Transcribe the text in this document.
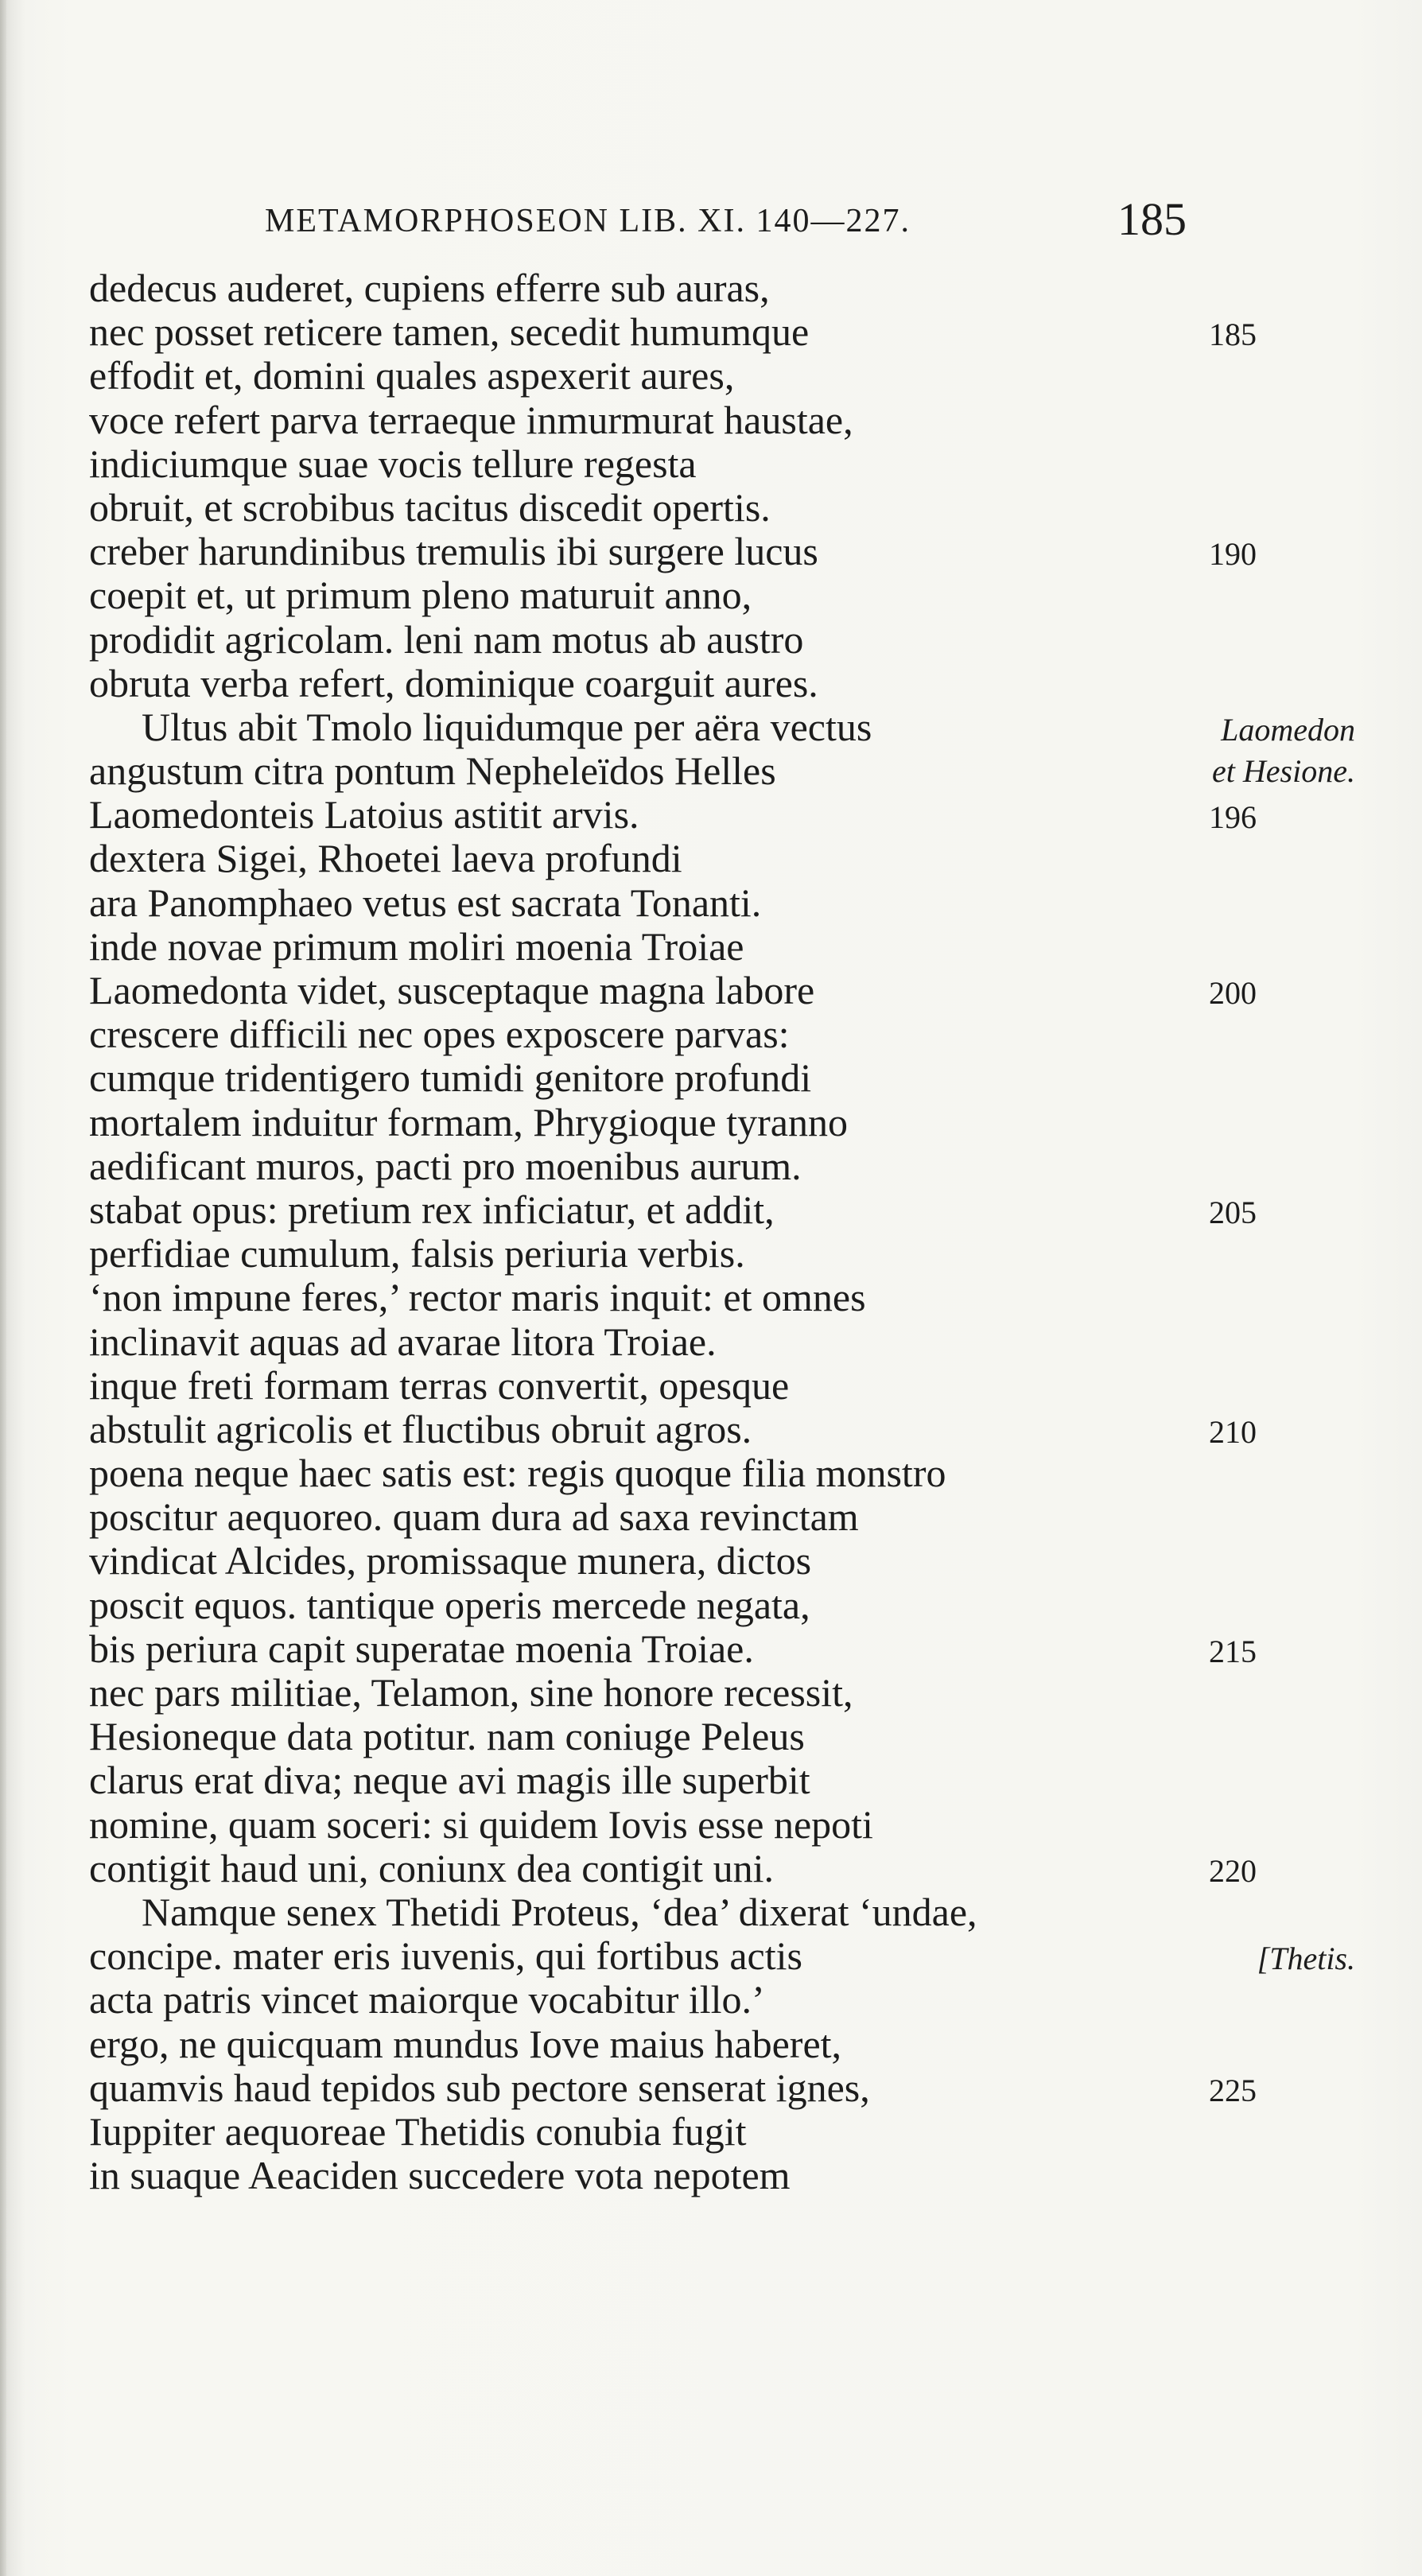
METAMORPHOSEON LIB. XI. 140—227.	185
dedecus auderet, cupiens efferre sub auras,
nec posset reticere tamen, secedit humumque	185
effodit et, domini quales aspexerit aures,
voce refert parva terraeque inmurmurat haustae,
indiciumque suae vocis tellure regesta
obruit, et scrobibus tacitus discedit opertis.
creber harundinibus tremulis ibi surgere lucus	190
coepit et, ut primum pleno maturuit anno,
prodidit agricolam. leni nam motus ab austro
obruta verba refert, dominique coarguit aures.
Ultus abit Tmolo liquidumque per aëra vectus	Laomedon
angustum citra pontum Nepheleïdos Helles	et Hesione.
Laomedonteis Latoius astitit arvis.	196
dextera Sigei, Rhoetei laeva profundi
ara Panomphaeo vetus est sacrata Tonanti.
inde novae primum moliri moenia Troiae
Laomedonta videt, susceptaque magna labore	200
crescere difficili nec opes exposcere parvas:
cumque tridentigero tumidi genitore profundi
mortalem induitur formam, Phrygioque tyranno
aedificant muros, pacti pro moenibus aurum.
stabat opus: pretium rex inficiatur, et addit,	205
perfidiae cumulum, falsis periuria verbis.
‘non impune feres,’ rector maris inquit: et omnes
inclinavit aquas ad avarae litora Troiae.
inque freti formam terras convertit, opesque
abstulit agricolis et fluctibus obruit agros.	210
poena neque haec satis est: regis quoque filia monstro
poscitur aequoreo. quam dura ad saxa revinctam
vindicat Alcides, promissaque munera, dictos
poscit equos. tantique operis mercede negata,
bis periura capit superatae moenia Troiae.	215
nec pars militiae, Telamon, sine honore recessit,
Hesioneque data potitur. nam coniuge Peleus
clarus erat diva; neque avi magis ille superbit
nomine, quam soceri: si quidem Iovis esse nepoti
contigit haud uni, coniunx dea contigit uni.	220
Namque senex Thetidi Proteus, ‘dea’ dixerat ‘undae,
concipe. mater eris iuvenis, qui fortibus actis	[Thetis.
acta patris vincet maiorque vocabitur illo.’
ergo, ne quicquam mundus Iove maius haberet,
quamvis haud tepidos sub pectore senserat ignes,	225
Iuppiter aequoreae Thetidis conubia fugit
in suaque Aeaciden succedere vota nepotem
